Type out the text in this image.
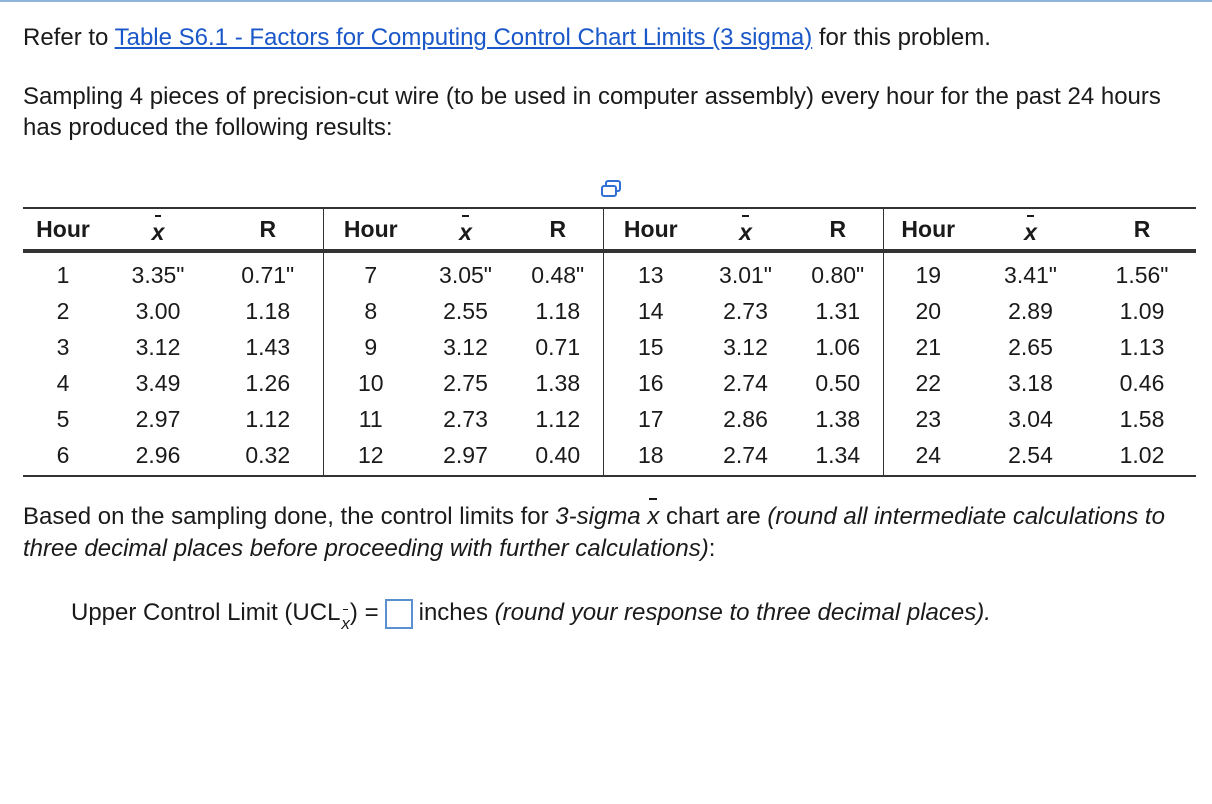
Refer to Table S6.1 - Factors for Computing Control Chart Limits (3 sigma) for this problem.

Sampling 4 pieces of precision-cut wire (to be used in computer assembly) every hour for the past 24 hours has produced the following results:

Hour	x	R	Hour	x	R	Hour	x	R	Hour	x	R
1	3.35"	0.71"	7	3.05"	0.48"	13	3.01"	0.80"	19	3.41"	1.56"
2	3.00	1.18	8	2.55	1.18	14	2.73	1.31	20	2.89	1.09
3	3.12	1.43	9	3.12	0.71	15	3.12	1.06	21	2.65	1.13
4	3.49	1.26	10	2.75	1.38	16	2.74	0.50	22	3.18	0.46
5	2.97	1.12	11	2.73	1.12	17	2.86	1.38	23	3.04	1.58
6	2.96	0.32	12	2.97	0.40	18	2.74	1.34	24	2.54	1.02

Based on the sampling done, the control limits for 3-sigma x chart are (round all intermediate calculations to three decimal places before proceeding with further calculations):

Upper Control Limit (UCLx) = inches (round your response to three decimal places).
